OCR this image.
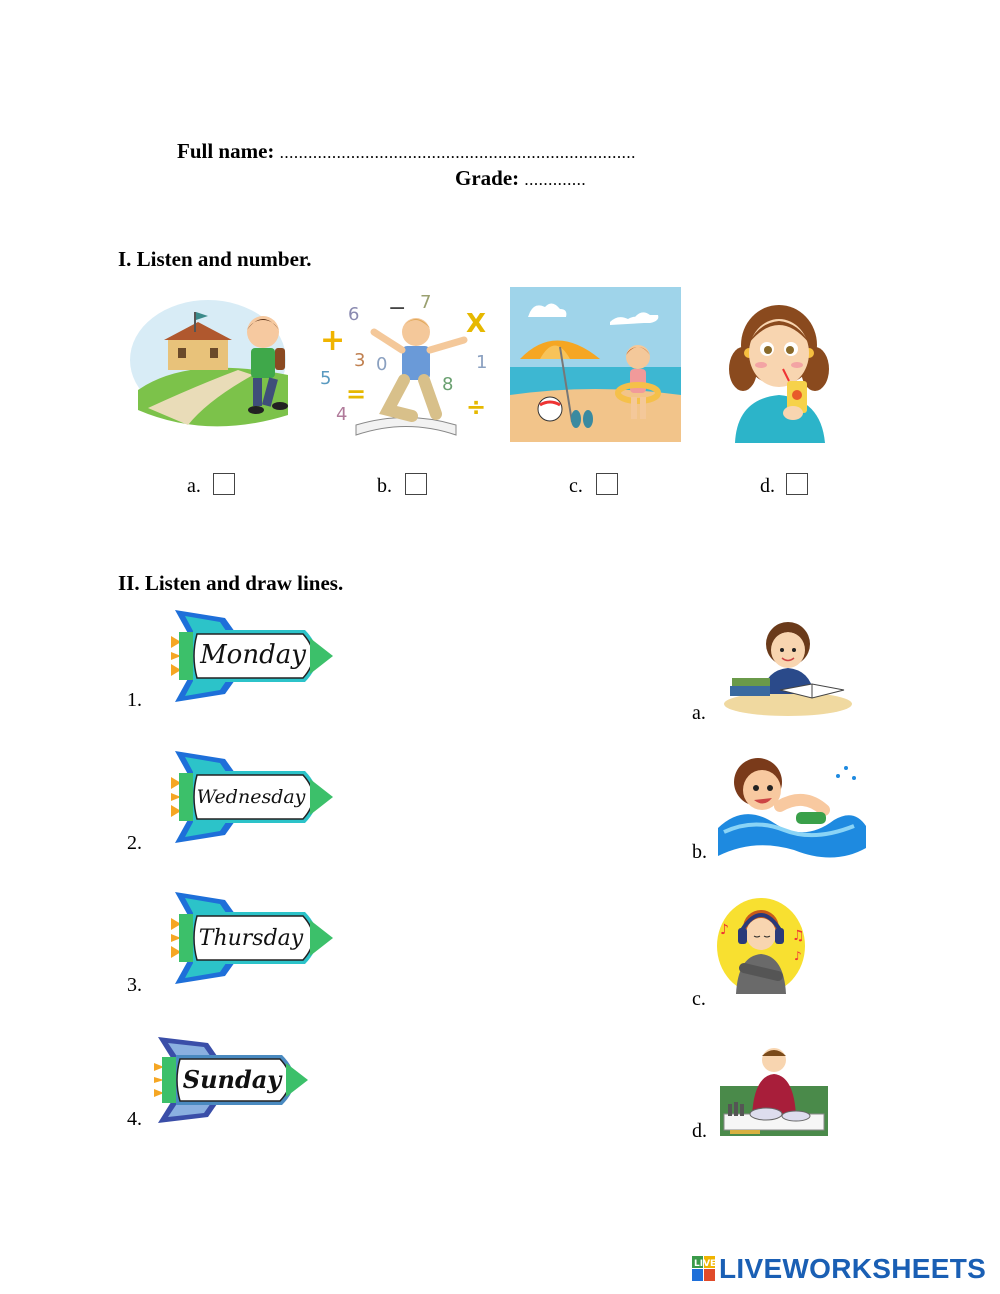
Full name: ...........................................................................
Grade: .............
I. Listen and number.
6
7
−
X
+
3 0	1
5	8
=	÷
4
a.	b.	c.	d.
II. Listen and draw lines.
1.
Monday
2.
Wednesday
3.
Thursday
4.
Sunday
a.
b.
c.
♪	♫
♪
d.
LIVE LIVEWORKSHEETS
